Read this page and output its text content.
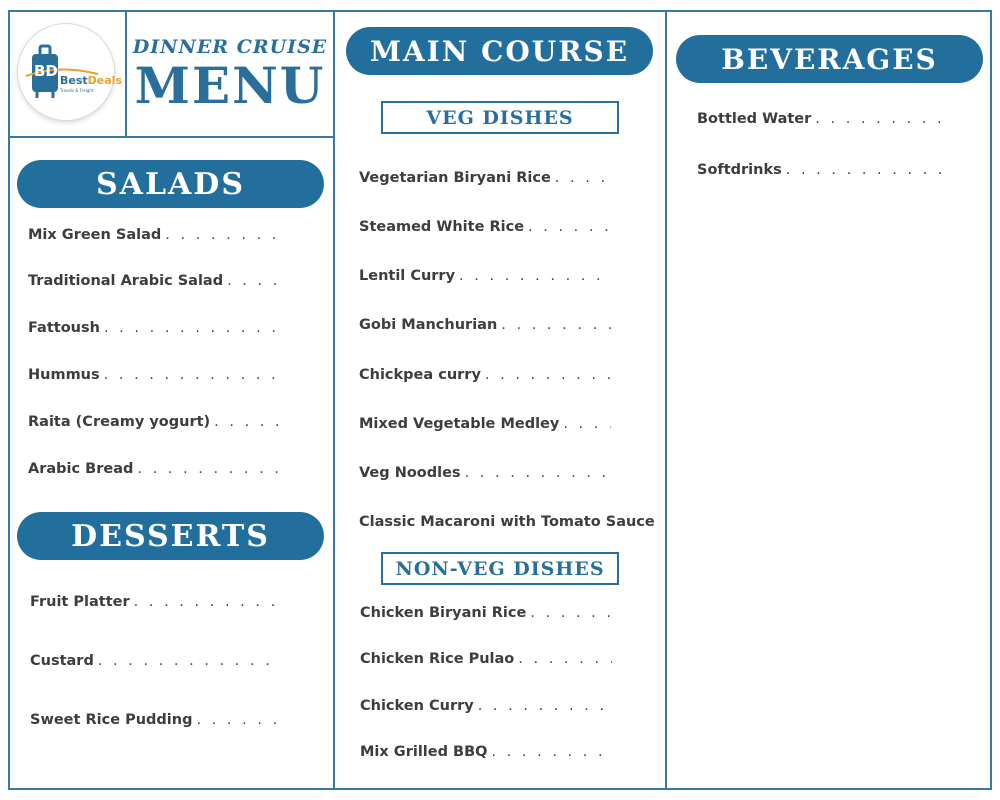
BD
BestDeals
Travels & Freight
DINNER CRUISE
MENU
SALADS
Mix Green Salad
. . .
Traditional Arabic Salad
. . .
Fattoush
. . .
Hummus
. . .
Raita (Creamy yogurt)
. . .
Arabic Bread
. . .
DESSERTS
Fruit Platter
. . .
Custard
. . .
Sweet Rice Pudding
. . .
MAIN COURSE
VEG DISHES
Vegetarian Biryani Rice
. . .
Steamed White Rice
. . .
Lentil Curry
. . .
Gobi Manchurian
. . .
Chickpea curry
. . .
Mixed Vegetable Medley
. . .
Veg Noodles
. . .
Classic Macaroni with Tomato Sauce
NON-VEG DISHES
Chicken Biryani Rice
. . .
Chicken Rice Pulao
. . .
Chicken Curry
. . .
Mix Grilled BBQ
. . .
BEVERAGES
Bottled Water
. . .
Softdrinks
. . .
